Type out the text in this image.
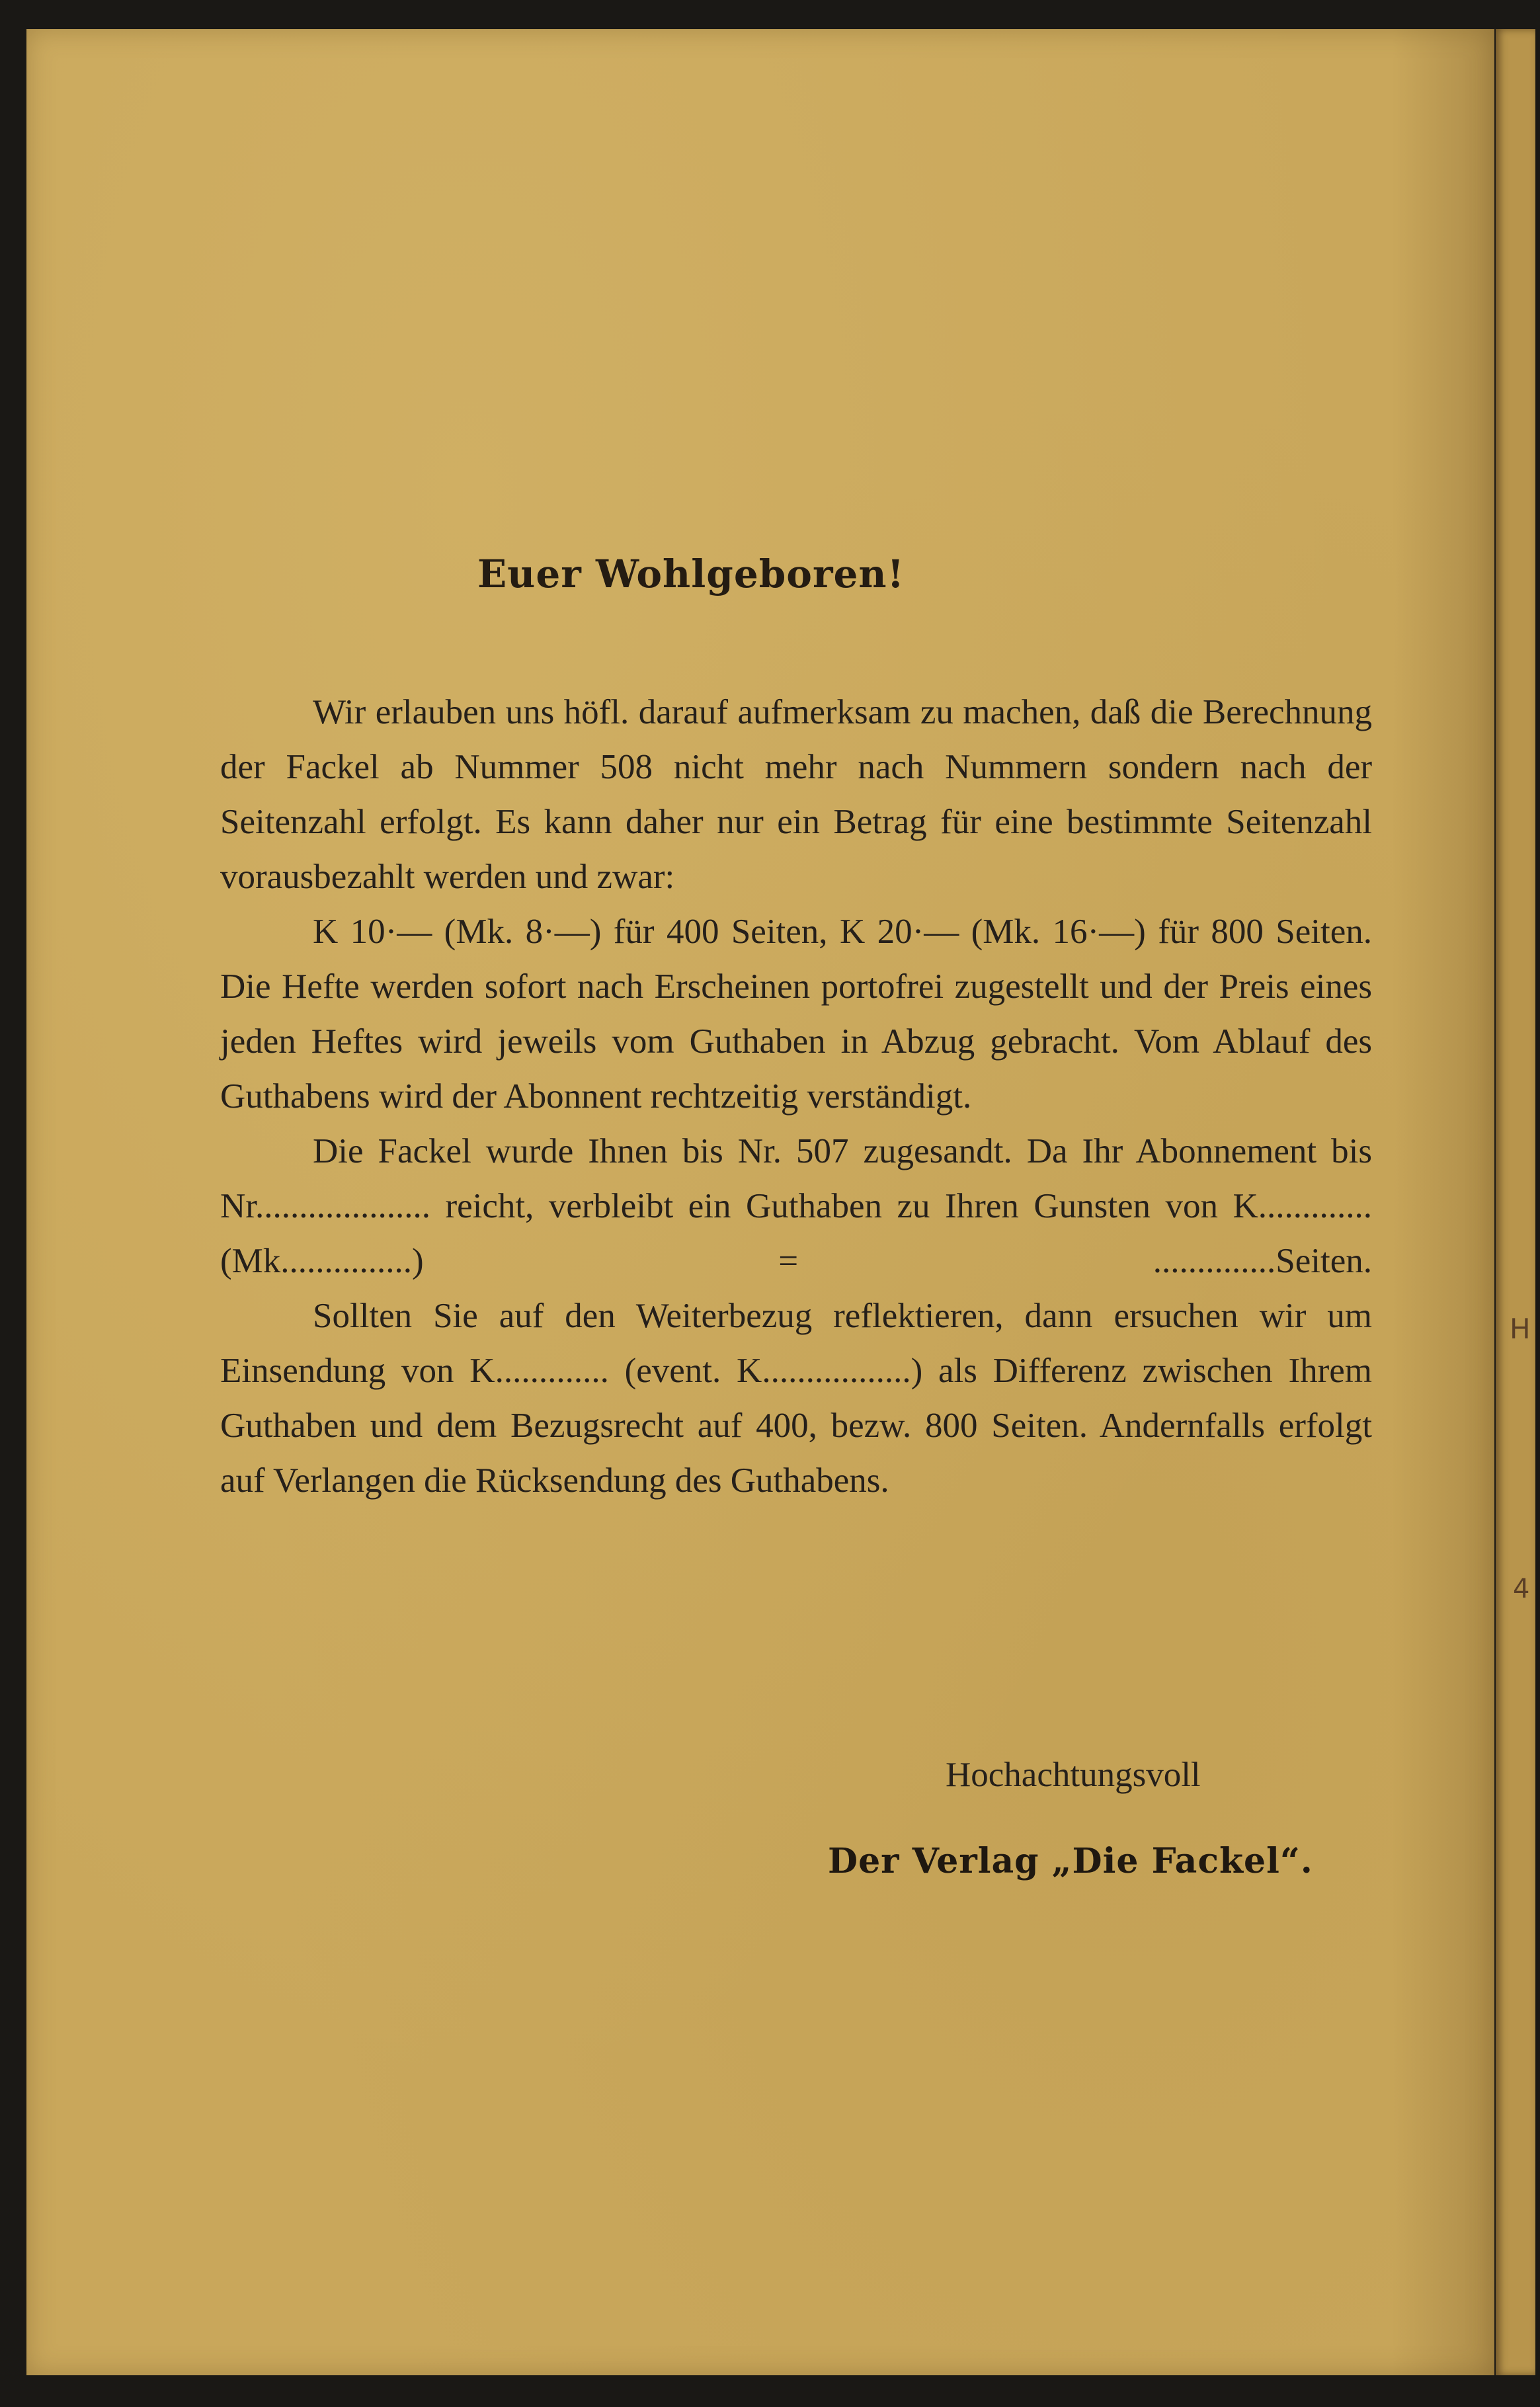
Euer Wohlgeboren!

Wir erlauben uns höfl. darauf aufmerksam zu machen, daß die Berechnung der Fackel ab Nummer 508 nicht mehr nach Nummern sondern nach der Seitenzahl erfolgt. Es kann daher nur ein Betrag für eine bestimmte Seitenzahl vorausbezahlt werden und zwar:

K 10·— (Mk. 8·—) für 400 Seiten, K 20·— (Mk. 16·—) für 800 Seiten. Die Hefte werden sofort nach Erscheinen portofrei zugestellt und der Preis eines jeden Heftes wird jeweils vom Guthaben in Abzug gebracht. Vom Ablauf des Guthabens wird der Abonnent rechtzeitig verständigt.

Die Fackel wurde Ihnen bis Nr. 507 zugesandt. Da Ihr Abonnement bis Nr.................... reicht, verbleibt ein Guthaben zu Ihren Gunsten von K............. (Mk...............) = ..............Seiten.

Sollten Sie auf den Weiterbezug reflektieren, dann ersuchen wir um Einsendung von K............. (event. K.................) als Differenz zwischen Ihrem Guthaben und dem Bezugsrecht auf 400, bezw. 800 Seiten. Andernfalls erfolgt auf Verlangen die Rücksendung des Guthabens.

Hochachtungsvoll
Der Verlag „Die Fackel“.
H
4
